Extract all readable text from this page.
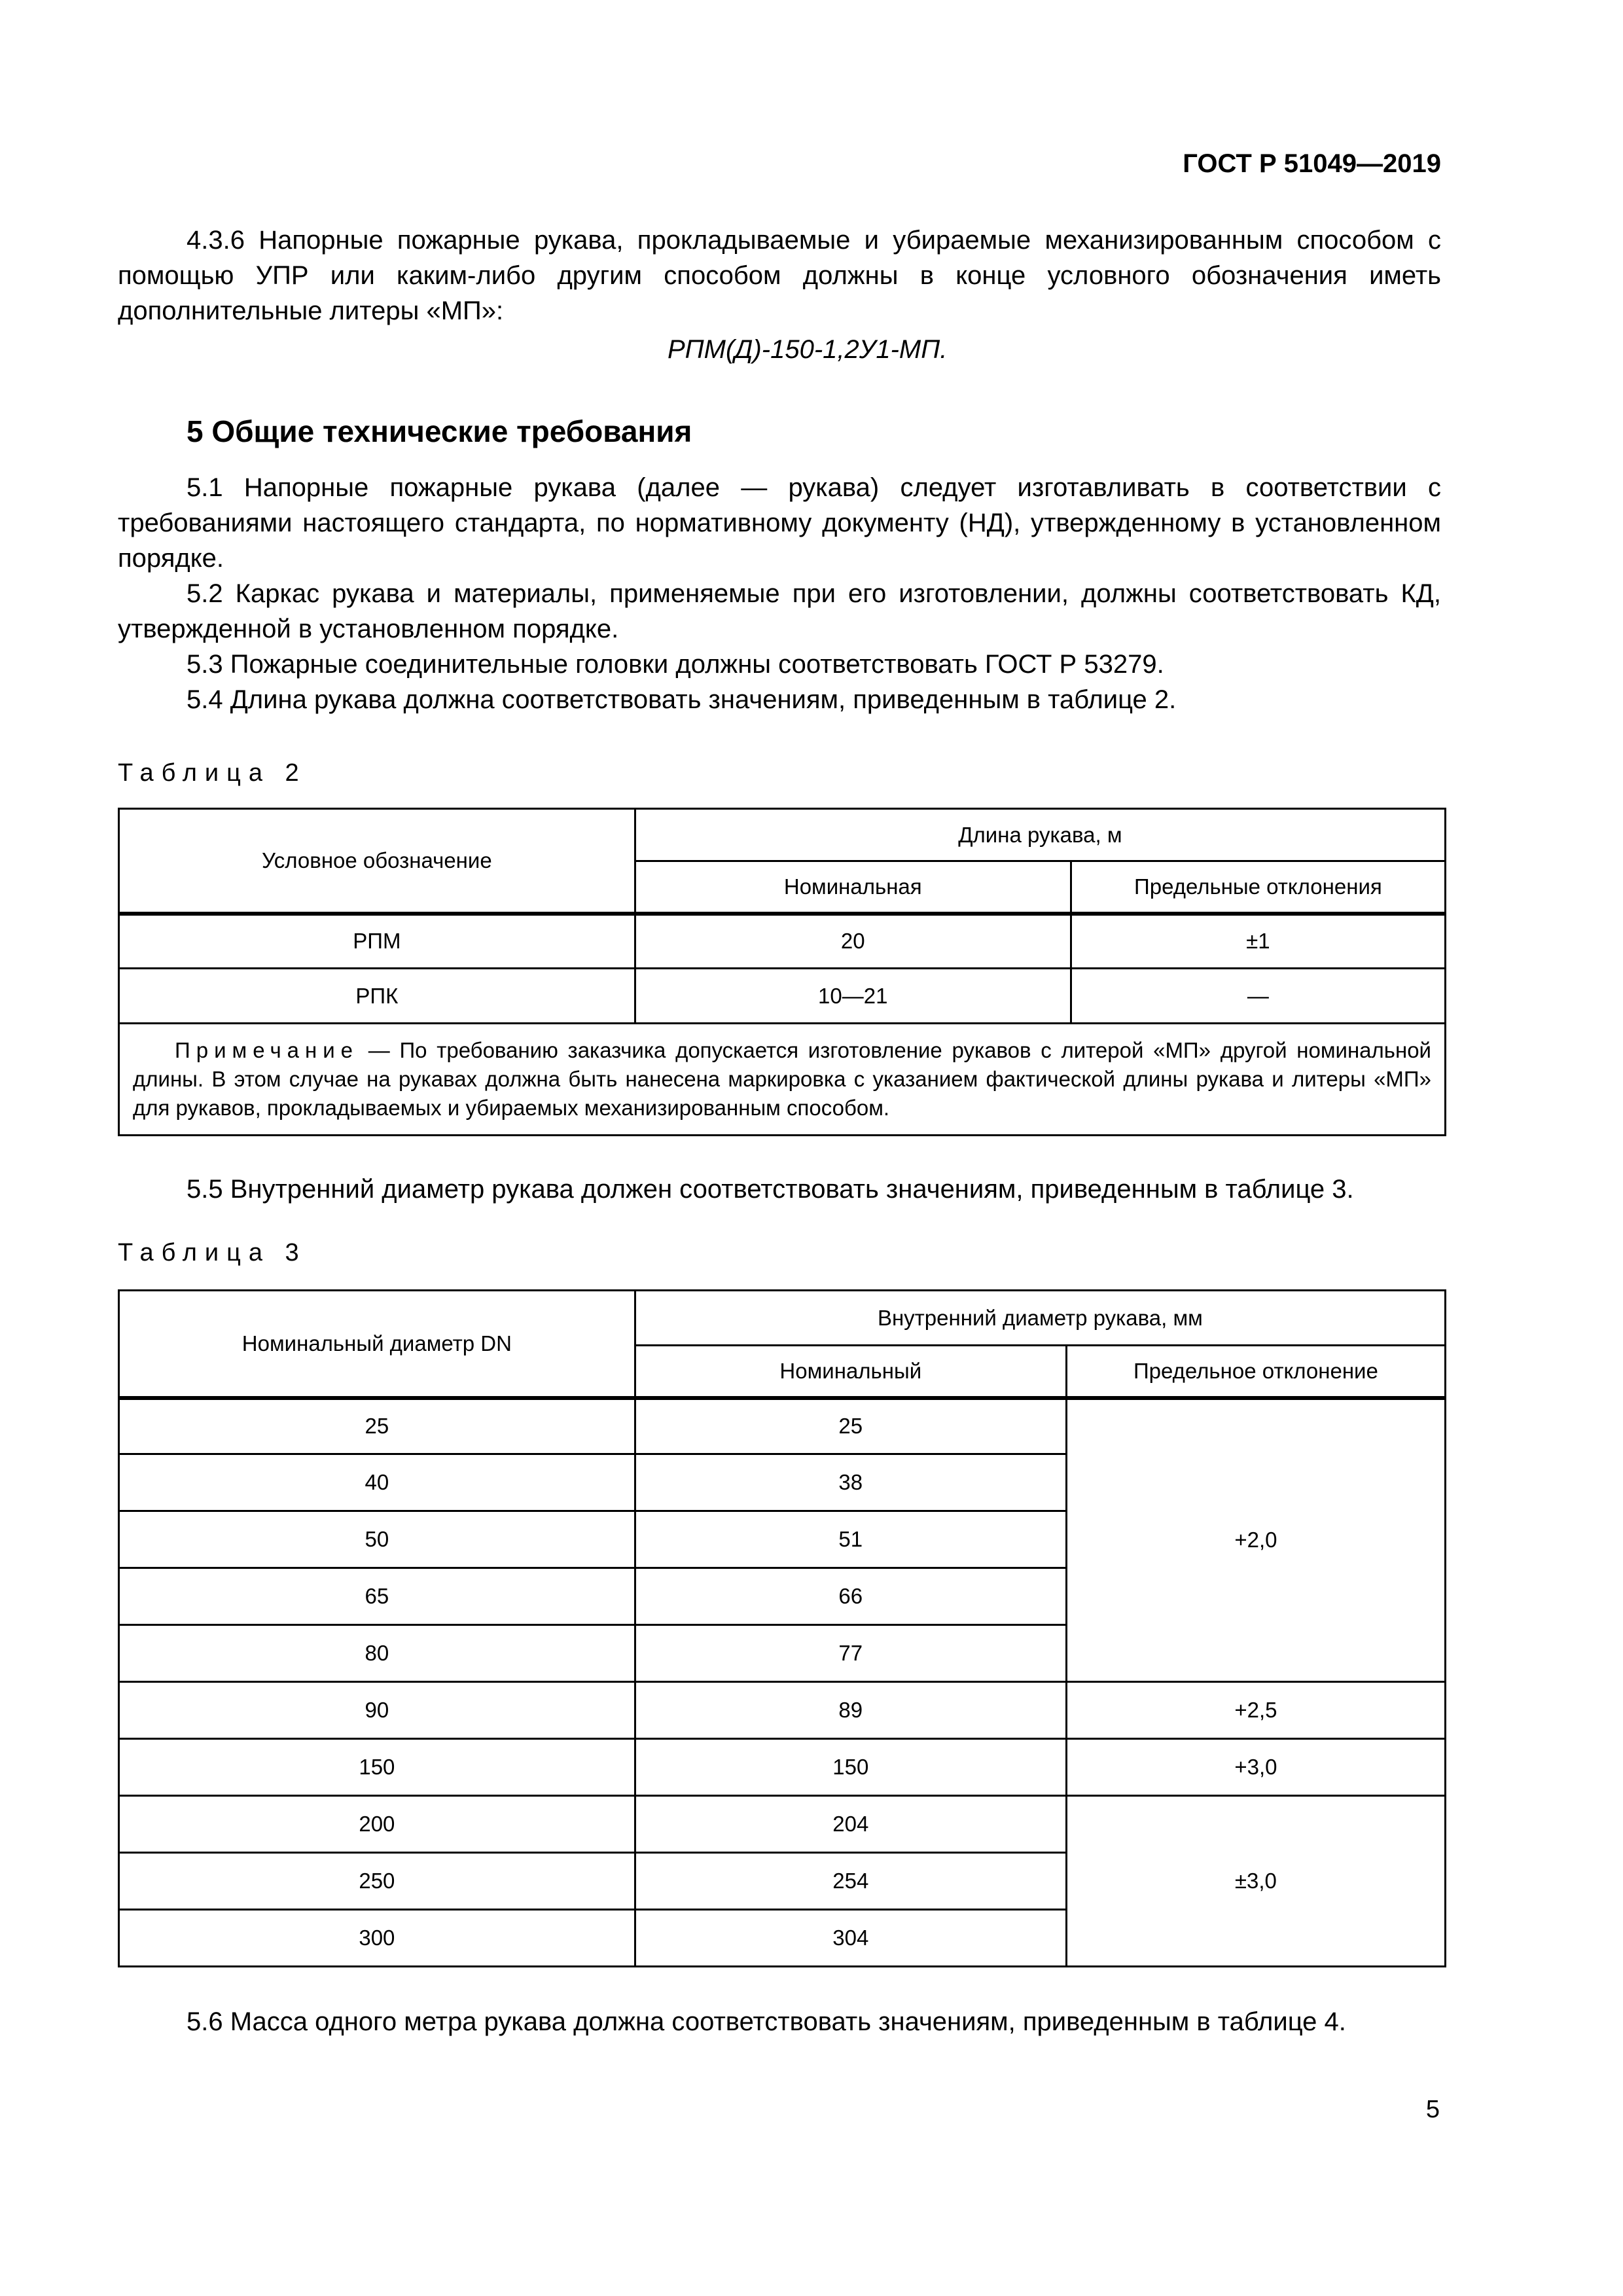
ГОСТ Р 51049—2019

4.3.6 Напорные пожарные рукава, прокладываемые и убираемые механизированным способом с помощью УПР или каким-либо другим способом должны в конце условного обозначения иметь дополнительные литеры «МП»:

РПМ(Д)-150-1,2У1-МП.
5 Общие технические требования

5.1 Напорные пожарные рукава (далее — рукава) следует изготавливать в соответствии с требованиями настоящего стандарта, по нормативному документу (НД), утвержденному в установленном порядке.

5.2 Каркас рукава и материалы, применяемые при его изготовлении, должны соответствовать КД, утвержденной в установленном порядке.

5.3 Пожарные соединительные головки должны соответствовать ГОСТ Р 53279.

5.4 Длина рукава должна соответствовать значениям, приведенным в таблице 2.

Таблица 2
Условное обозначение	Длина рукава, м	
	Номинальная	Предельные отклонения
РПМ	20	±1
РПК	10—21	—
Примечание — По требованию заказчика допускается изготовление рукавов с литерой «МП» другой номинальной длины. В этом случае на рукавах должна быть нанесена маркировка с указанием фактической длины рукава и литеры «МП» для рукавов, прокладываемых и убираемых механизированным способом.		

5.5 Внутренний диаметр рукава должен соответствовать значениям, приведенным в таблице 3.

Таблица 3
Номинальный диаметр DN	Внутренний диаметр рукава, мм	
	Номинальный	Предельное отклонение
25	25	+2,0
40	38	
50	51	
65	66	
80	77	
90	89	+2,5
150	150	+3,0
200	204	±3,0
250	254	
300	304	

5.6 Масса одного метра рукава должна соответствовать значениям, приведенным в таблице 4.

5
